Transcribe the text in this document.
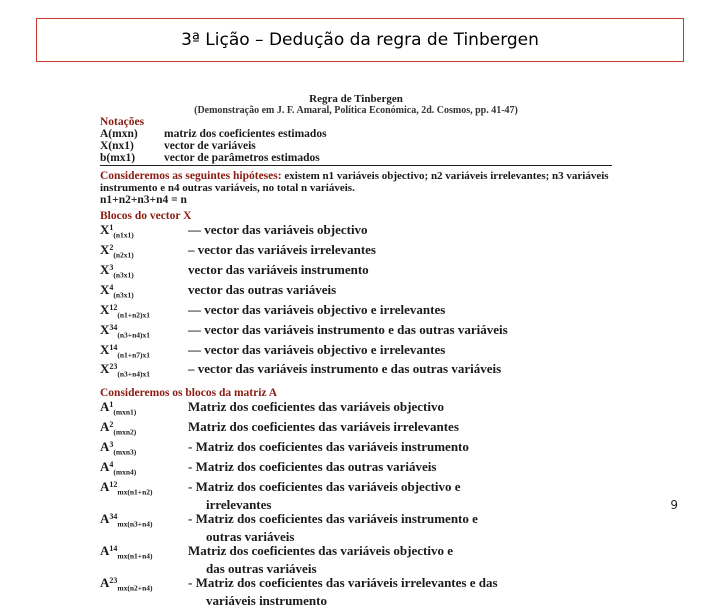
3ª Lição – Dedução da regra de Tinbergen
Regra de Tinbergen
(Demonstração em J. F. Amaral, Política Económica, 2d. Cosmos, pp. 41-47)
Notações
A(mxn) matriz dos coeficientes estimados
X(nx1)	vector de variáveis
b(mx1)	vector de parâmetros estimados
Consideremos as seguintes hipóteses: existem n1 variáveis objectivo; n2 variáveis irrelevantes; n3 variáveis instrumento e n4 outras variáveis, no total n variáveis.
n1+n2+n3+n4 = n
Blocos do vector X
$X^1_{(n1x1)}$	— vector das variáveis objectivo
$X^2_{(n2x1)}$	– vector das variáveis irrelevantes
$X^3_{(n3x1)}$	vector das variáveis instrumento
$X^4_{(n3x1)}$	vector das outras variáveis
$X^{12}_{(n1+n2)x1}$	— vector das variáveis objectivo e irrelevantes
$X^{34}_{(n3+n4)x1}$	— vector das variáveis instrumento e das outras variáveis
$X^{14}_{(n1+n7)x1}$	— vector das variáveis objectivo e irrelevantes
$X^{23}_{(n3+n4)x1}$	– vector das variáveis instrumento e das outras variáveis
Consideremos os blocos da matriz A
$A^1_{(mxn1)}$	Matriz dos coeficientes das variáveis objectivo
$A^2_{(mxn2)}$	Matriz dos coeficientes das variáveis irrelevantes
$A^3_{(mxn3)}$	- Matriz dos coeficientes das variáveis instrumento
$A^4_{(mxn4)}$	- Matriz dos coeficientes das outras variáveis
$A^{12}_{mx(n1+n2)}$	- Matriz dos coeficientes das variáveis objectivo e
irrelevantes
$A^{34}_{mx(n3+n4)}$	- Matriz dos coeficientes das variáveis instrumento e
outras variáveis
$A^{14}_{mx(n1+n4)}$	Matriz dos coeficientes das variáveis objectivo e
das outras variáveis
$A^{23}_{mx(n2+n4)}$	- Matriz dos coeficientes das variáveis irrelevantes e das
variáveis instrumento
9
